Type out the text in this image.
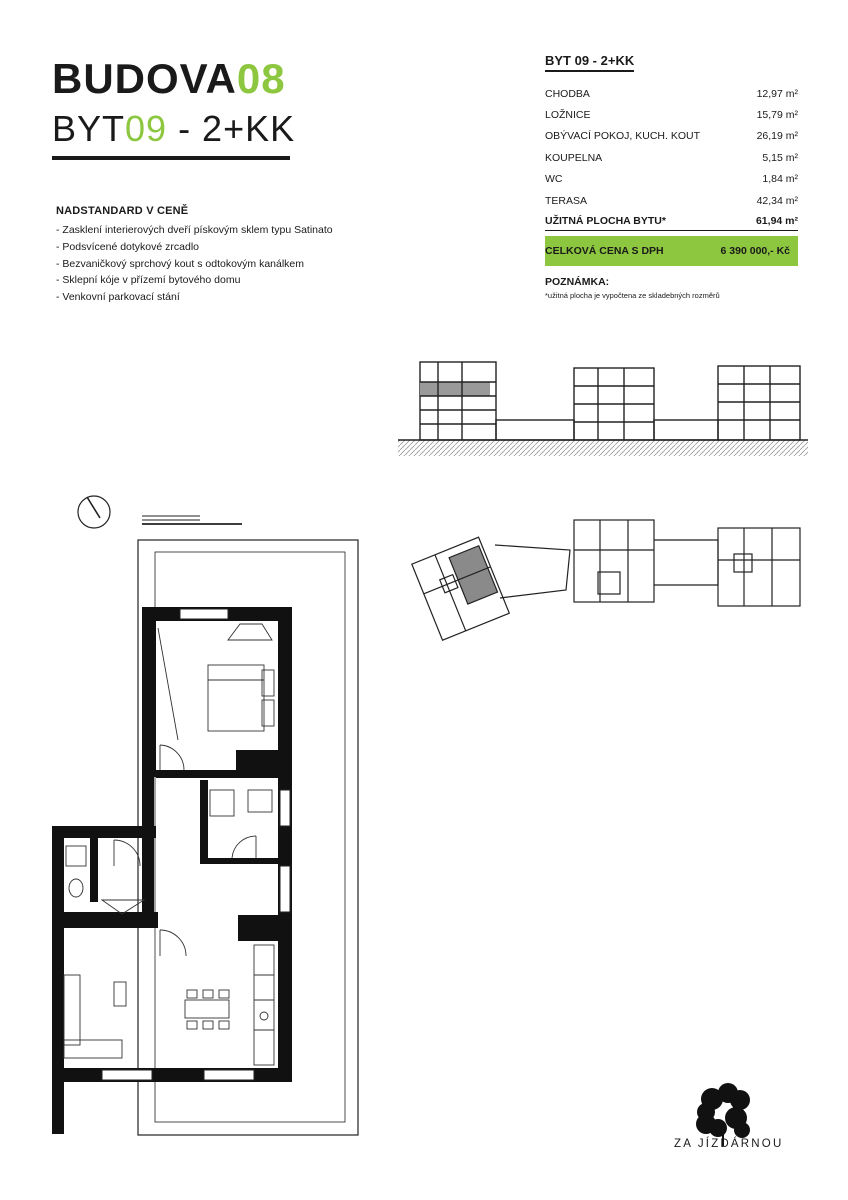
BUDOVA08
BYT09 - 2+KK
NADSTANDARD V CENĚ
- Zasklení interierových dveří pískovým sklem typu Satinato
- Podsvícené dotykové zrcadlo
- Bezvaničkový sprchový kout s odtokovým kanálkem
- Sklepní kóje v přízemí bytového domu
- Venkovní parkovací stání
BYT 09 - 2+KK
CHODBA	12,97 m²
LOŽNICE	15,79 m²
OBÝVACÍ POKOJ, KUCH. KOUT	26,19 m²
KOUPELNA	5,15 m²
WC	1,84 m²
TERASA	42,34 m²
UŽITNÁ PLOCHA BYTU*	61,94 m²
CELKOVÁ CENA S DPH	6 390 000,- Kč
POZNÁMKA:
*užitná plocha je vypočtena ze skladebných rozměrů
ZA JÍZDÁRNOU
